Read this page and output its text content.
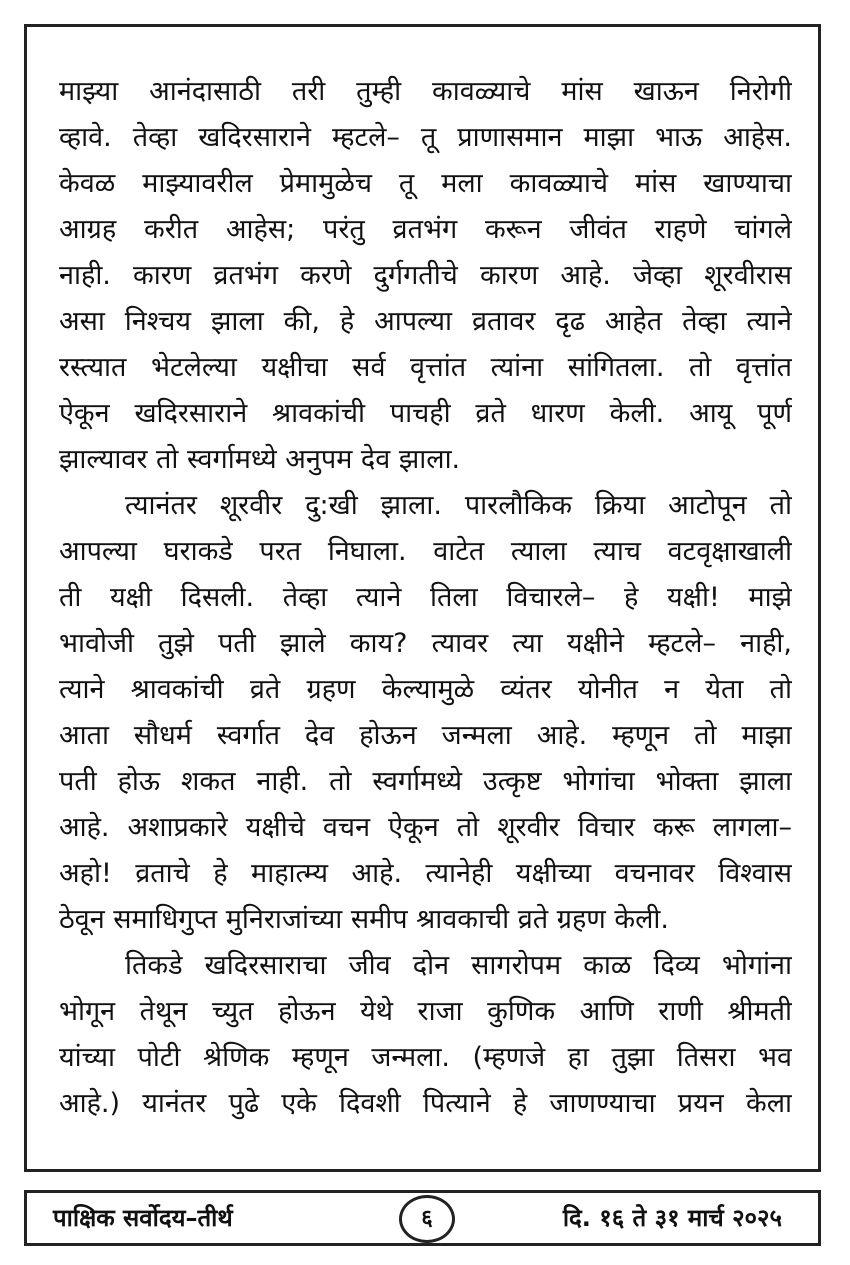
माझ्या आनंदासाठी तरी तुम्ही कावळ्याचे मांस खाऊन निरोगी
व्हावे. तेव्हा खदिरसाराने म्हटले– तू प्राणासमान माझा भाऊ आहेस.
केवळ माझ्यावरील प्रेमामुळेच तू मला कावळ्याचे मांस खाण्याचा
आग्रह करीत आहेस; परंतु व्रतभंग करून जीवंत राहणे चांगले
नाही. कारण व्रतभंग करणे दुर्गगतीचे कारण आहे. जेव्हा शूरवीरास
असा निश्चय झाला की, हे आपल्या व्रतावर दृढ आहेत तेव्हा त्याने
रस्त्यात भेटलेल्या यक्षीचा सर्व वृत्तांत त्यांना सांगितला. तो वृत्तांत
ऐकून खदिरसाराने श्रावकांची पाचही व्रते धारण केली. आयू पूर्ण
झाल्यावर तो स्वर्गामध्ये अनुपम देव झाला.
त्यानंतर शूरवीर दु:खी झाला. पारलौकिक क्रिया आटोपून तो
आपल्या घराकडे परत निघाला. वाटेत त्याला त्याच वटवृक्षाखाली
ती यक्षी दिसली. तेव्हा त्याने तिला विचारले– हे यक्षी! माझे
भावोजी तुझे पती झाले काय? त्यावर त्या यक्षीने म्हटले– नाही,
त्याने श्रावकांची व्रते ग्रहण केल्यामुळे व्यंतर योनीत न येता तो
आता सौधर्म स्वर्गात देव होऊन जन्मला आहे. म्हणून तो माझा
पती होऊ शकत नाही. तो स्वर्गामध्ये उत्कृष्ट भोगांचा भोक्ता झाला
आहे. अशाप्रकारे यक्षीचे वचन ऐकून तो शूरवीर विचार करू लागला–
अहो! व्रताचे हे माहात्म्य आहे. त्यानेही यक्षीच्या वचनावर विश्वास
ठेवून समाधिगुप्त मुनिराजांच्या समीप श्रावकाची व्रते ग्रहण केली.
तिकडे खदिरसाराचा जीव दोन सागरोपम काळ दिव्य भोगांना
भोगून तेथून च्युत होऊन येथे राजा कुणिक आणि राणी श्रीमती
यांच्या पोटी श्रेणिक म्हणून जन्मला. (म्हणजे हा तुझा तिसरा भव
आहे.) यानंतर पुढे एके दिवशी पित्याने हे जाणण्याचा प्रयन केला
पाक्षिक सर्वोदय–तीर्थ	६	दि. १६ ते ३१ मार्च २०२५
